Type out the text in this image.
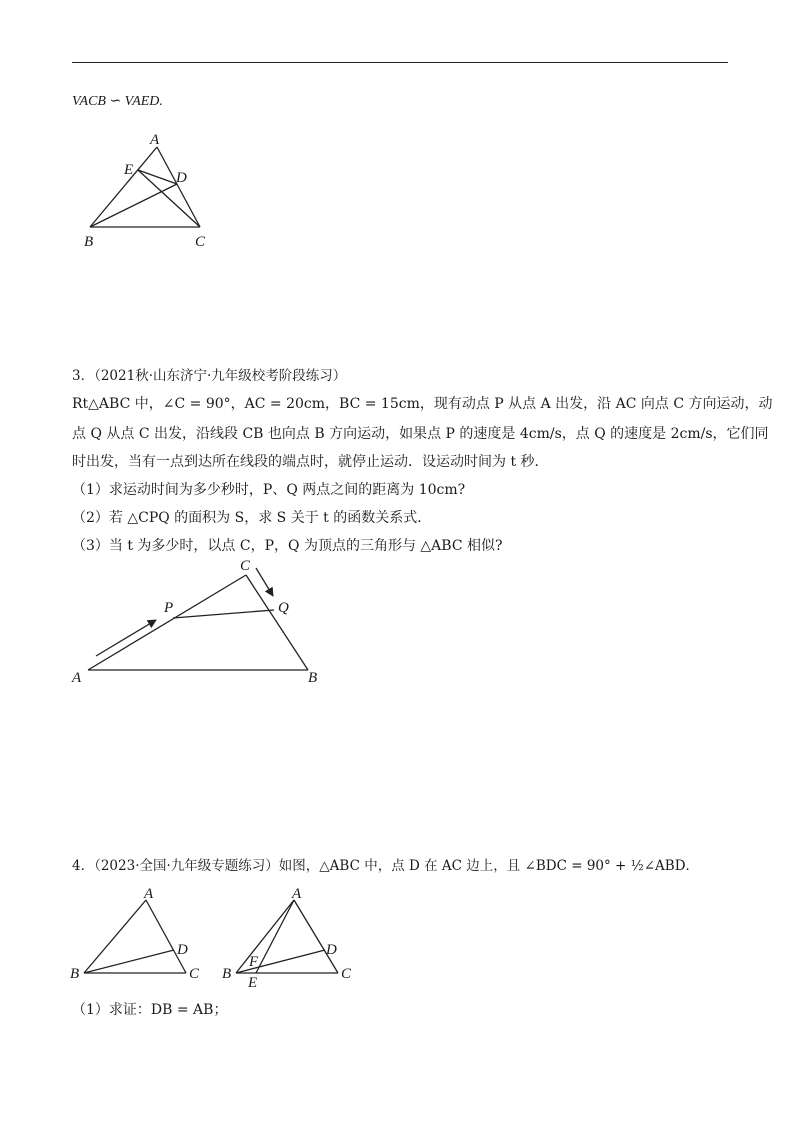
VACB ∽ VAED.
A
E	D
B	C
3．（2021秋·山东济宁·九年级校考阶段练习）
Rt△ABC 中，∠C = 90°，AC = 20cm，BC = 15cm，现有动点 P 从点 A 出发，沿 AC 向点 C 方向运动，动
点 Q 从点 C 出发，沿线段 CB 也向点 B 方向运动，如果点 P 的速度是 4cm/s，点 Q 的速度是 2cm/s，它们同
时出发，当有一点到达所在线段的端点时，就停止运动．设运动时间为 t 秒．
（1）求运动时间为多少秒时，P、Q 两点之间的距离为 10cm?
（2）若 △CPQ 的面积为 S，求 S 关于 t 的函数关系式．
（3）当 t 为多少时，以点 C，P，Q 为顶点的三角形与 △ABC 相似?
C
P	Q
A	B
4．（2023·全国·九年级专题练习）如图，△ABC 中，点 D 在 AC 边上，且 ∠BDC = 90° + ½∠ABD．
A
D
B	C
A
D
F
B
E
C
（1）求证：DB = AB；
